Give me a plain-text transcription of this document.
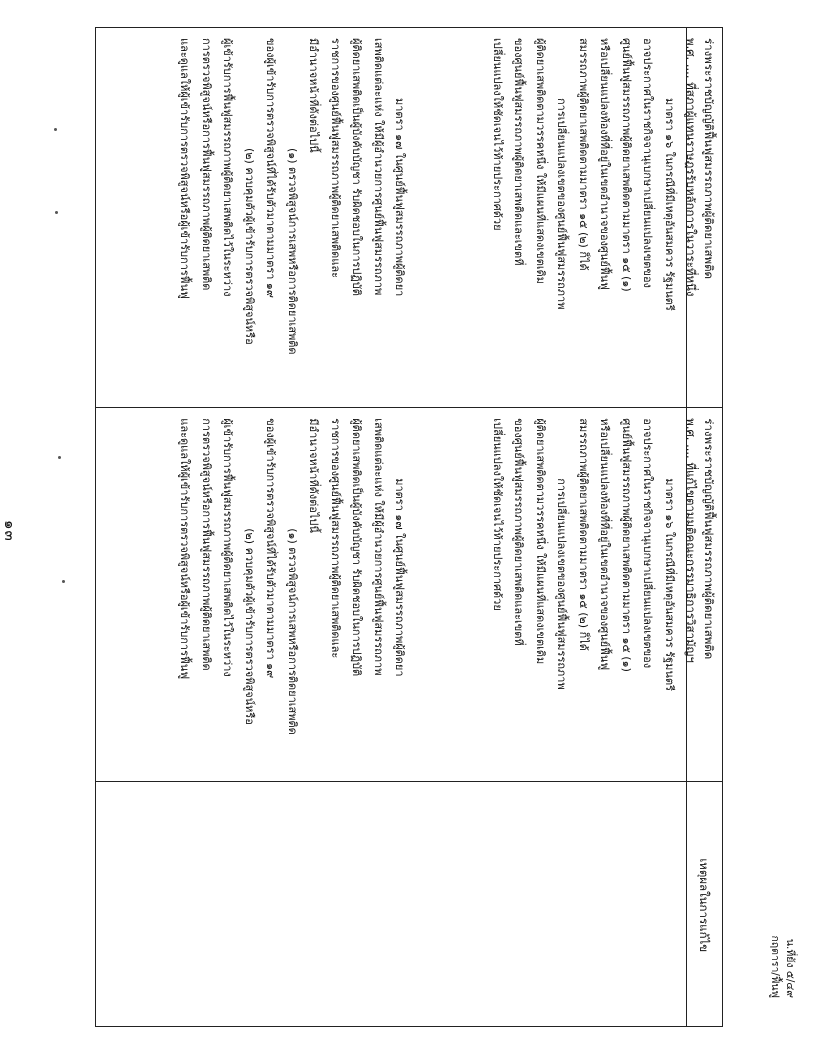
๑๓
ร่างพระราชบัญญัติฟื้นฟูสมรรถภาพผู้ติดยาเสพติด
พ.ศ. .... ที่สภาผู้แทนราษฎรรับหลักการในวาระที่หนึ่ง

มาตรา ๑๖ ในกรณีที่มีเหตุอันสมควร รัฐมนตรี

อาจประกาศในราชกิจจานุเบกษาเปลี่ยนแปลงเขตของ

ศูนย์ฟื้นฟูสมรรถภาพผู้ติดยาเสพติดตามมาตรา ๑๕ (๑)

หรือเปลี่ยนแปลงท้องที่ที่อยู่ในเขตอำนาจของศูนย์ฟื้นฟู

สมรรถภาพผู้ติดยาเสพติดตามมาตรา ๑๕ (๒) ก็ได้

การเปลี่ยนแปลงเขตของศูนย์ฟื้นฟูสมรรถภาพ

ผู้ติดยาเสพติดตามวรรคหนึ่ง ให้มีแผนที่แสดงเขตเดิม

ของศูนย์ฟื้นฟูสมรรถภาพผู้ติดยาเสพติดและเขตที่

เปลี่ยนแปลงให้ชัดเจนไว้ท้ายประกาศด้วย

มาตรา ๑๗ ในศูนย์ฟื้นฟูสมรรถภาพผู้ติดยา

เสพติดแต่ละแห่ง ให้มีผู้อำนวยการศูนย์ฟื้นฟูสมรรถภาพ

ผู้ติดยาเสพติดเป็นผู้บังคับบัญชา รับผิดชอบในการปฏิบัติ

ราชการของศูนย์ฟื้นฟูสมรรถภาพผู้ติดยาเสพติดและ

มีอำนาจหน้าที่ดังต่อไปนี้

(๑) ตรวจพิสูจน์การเสพหรือการติดยาเสพติด

ของผู้เข้ารับการตรวจพิสูจน์ที่ได้รับตัวมาตามมาตรา ๑๙

(๒) ควบคุมตัวผู้เข้ารับการตรวจพิสูจน์หรือ

ผู้เข้ารับการฟื้นฟูสมรรถภาพผู้ติดยาเสพติดไว้ในระหว่าง

การตรวจพิสูจน์หรือการฟื้นฟูสมรรถภาพผู้ติดยาเสพติด

และดูแลให้ผู้เข้ารับการตรวจพิสูจน์หรือผู้เข้ารับการฟื้นฟู

ร่างพระราชบัญญัติฟื้นฟูสมรรถภาพผู้ติดยาเสพติด
พ.ศ. .... ที่แก้ไขตามมติคณะกรรมาธิการวิสามัญฯ

มาตรา ๑๖ ในกรณีที่มีเหตุอันสมควร รัฐมนตรี

อาจประกาศในราชกิจจานุเบกษาเปลี่ยนแปลงเขตของ

ศูนย์ฟื้นฟูสมรรถภาพผู้ติดยาเสพติดตามมาตรา ๑๕ (๑)

หรือเปลี่ยนแปลงท้องที่ที่อยู่ในเขตอำนาจของศูนย์ฟื้นฟู

สมรรถภาพผู้ติดยาเสพติดตามมาตรา ๑๕ (๒) ก็ได้

การเปลี่ยนแปลงเขตของศูนย์ฟื้นฟูสมรรถภาพ

ผู้ติดยาเสพติดตามวรรคหนึ่ง ให้มีแผนที่แสดงเขตเดิม

ของศูนย์ฟื้นฟูสมรรถภาพผู้ติดยาเสพติดและเขตที่

เปลี่ยนแปลงให้ชัดเจนไว้ท้ายประกาศด้วย

มาตรา ๑๗ ในศูนย์ฟื้นฟูสมรรถภาพผู้ติดยา

เสพติดแต่ละแห่ง ให้มีผู้อำนวยการศูนย์ฟื้นฟูสมรรถภาพ

ผู้ติดยาเสพติดเป็นผู้บังคับบัญชา รับผิดชอบในการปฏิบัติ

ราชการของศูนย์ฟื้นฟูสมรรถภาพผู้ติดยาเสพติดและ

มีอำนาจหน้าที่ดังต่อไปนี้

(๑) ตรวจพิสูจน์การเสพหรือการติดยาเสพติด

ของผู้เข้ารับการตรวจพิสูจน์ที่ได้รับตัวมาตามมาตรา ๑๙

(๒) ควบคุมตัวผู้เข้ารับการตรวจพิสูจน์หรือ

ผู้เข้ารับการฟื้นฟูสมรรถภาพผู้ติดยาเสพติดไว้ในระหว่าง

การตรวจพิสูจน์หรือการฟื้นฟูสมรรถภาพผู้ติดยาเสพติด

และดูแลให้ผู้เข้ารับการตรวจพิสูจน์หรือผู้เข้ารับการฟื้นฟู

เหตุผลในการแก้ไข
น.ที่ยัง ๕/๔๙
กฤตารา/ฟื้นฟู
